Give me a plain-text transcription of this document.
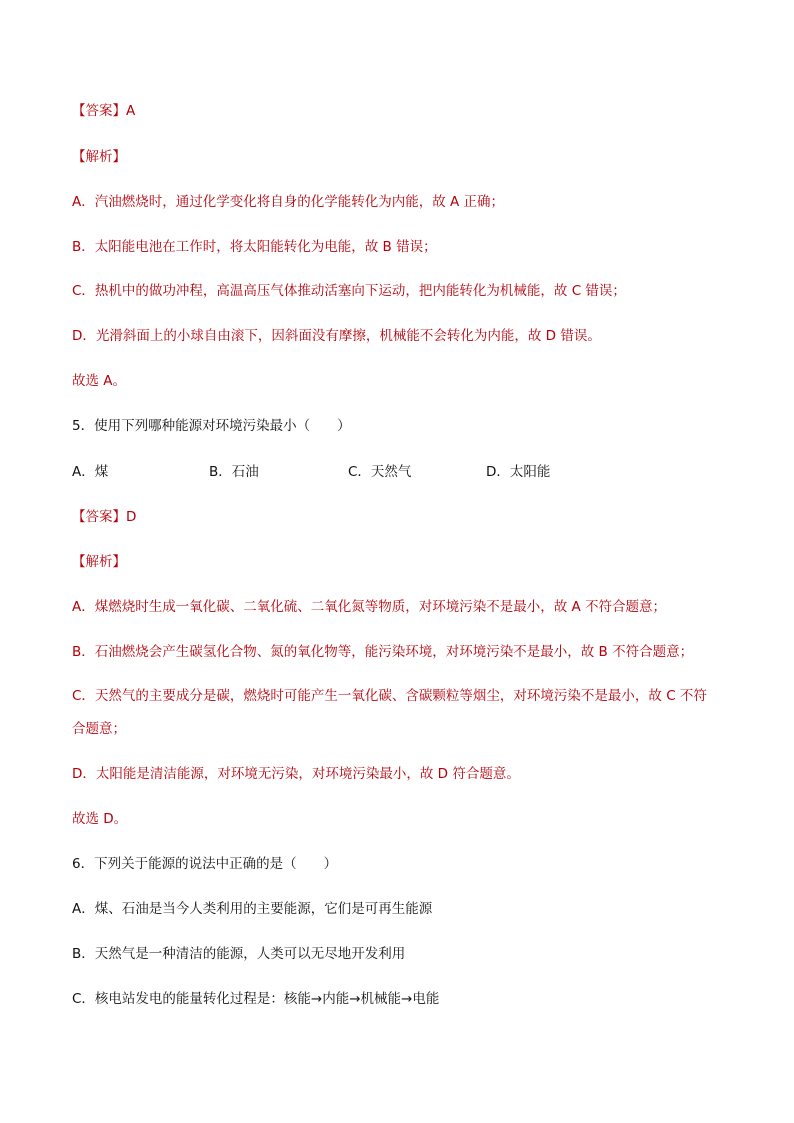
【答案】A
【解析】
A．汽油燃烧时，通过化学变化将自身的化学能转化为内能，故 A 正确；
B．太阳能电池在工作时，将太阳能转化为电能，故 B 错误；
C．热机中的做功冲程，高温高压气体推动活塞向下运动，把内能转化为机械能，故 C 错误；
D．光滑斜面上的小球自由滚下，因斜面没有摩擦，机械能不会转化为内能，故 D 错误。
故选 A。
5．使用下列哪种能源对环境污染最小（　　）
A．煤	B．石油	C．天然气	D．太阳能
【答案】D
【解析】
A．煤燃烧时生成一氧化碳、二氧化硫、二氧化氮等物质，对环境污染不是最小，故 A 不符合题意；
B．石油燃烧会产生碳氢化合物、氮的氧化物等，能污染环境，对环境污染不是最小，故 B 不符合题意；
C．天然气的主要成分是碳，燃烧时可能产生一氧化碳、含碳颗粒等烟尘，对环境污染不是最小，故 C 不符
合题意；
D．太阳能是清洁能源，对环境无污染，对环境污染最小，故 D 符合题意。
故选 D。
6．下列关于能源的说法中正确的是（　　）
A．煤、石油是当今人类利用的主要能源，它们是可再生能源
B．天然气是一种清洁的能源，人类可以无尽地开发利用
C．核电站发电的能量转化过程是：核能→内能→机械能→电能
